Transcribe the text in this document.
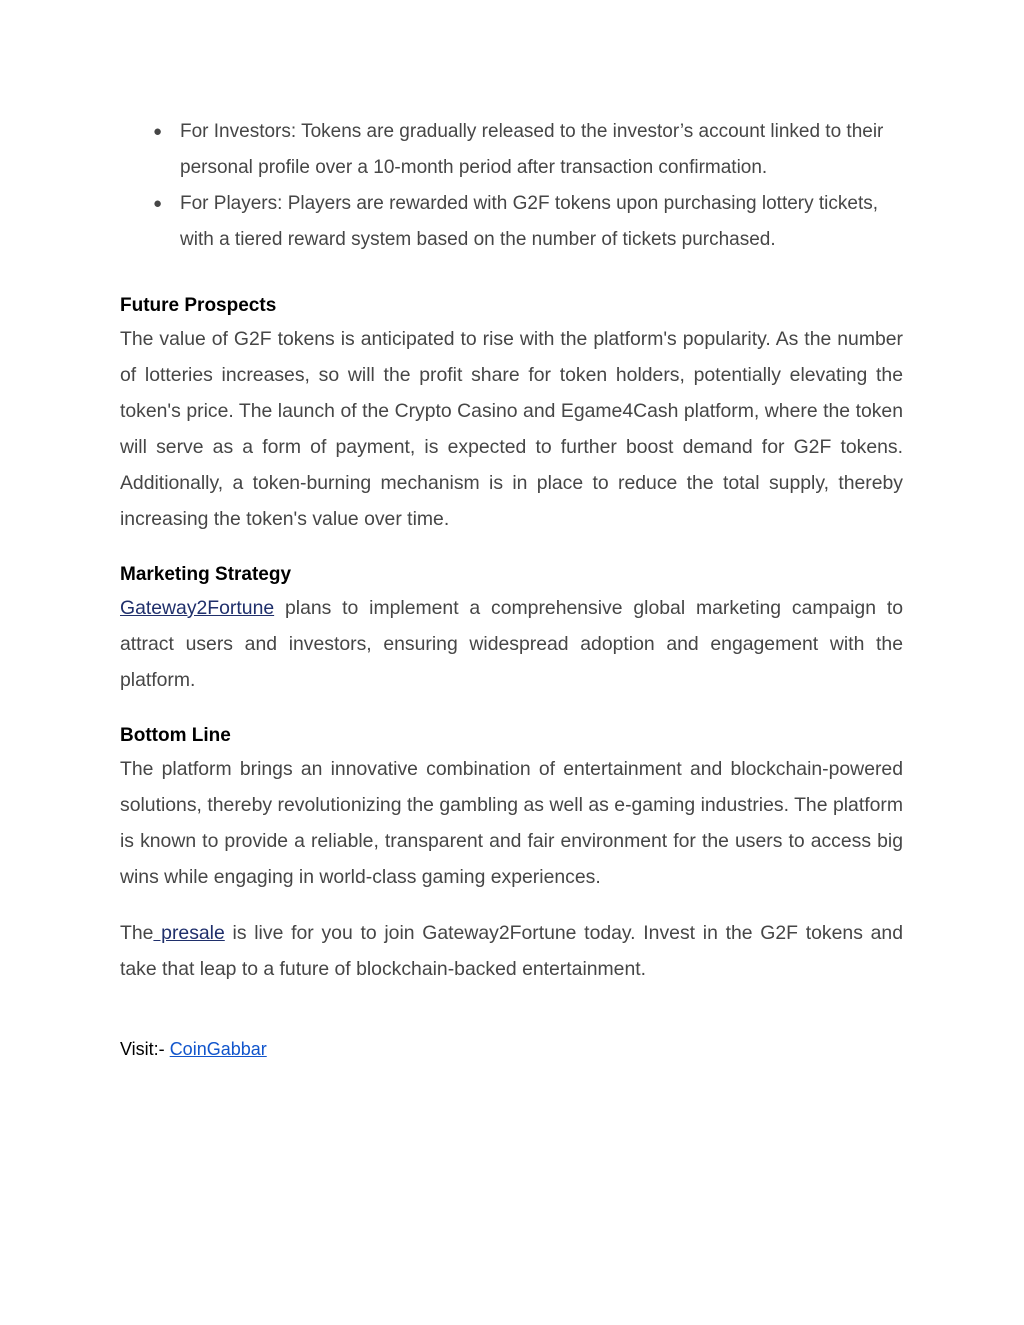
● For Investors: Tokens are gradually released to the investor’s account linked to their personal profile over a 10-month period after transaction confirmation.
● For Players: Players are rewarded with G2F tokens upon purchasing lottery tickets, with a tiered reward system based on the number of tickets purchased.

Future Prospects

The value of G2F tokens is anticipated to rise with the platform's popularity. As the number of lotteries increases, so will the profit share for token holders, potentially elevating the token's price. The launch of the Crypto Casino and Egame4Cash platform, where the token will serve as a form of payment, is expected to further boost demand for G2F tokens. Additionally, a token-burning mechanism is in place to reduce the total supply, thereby increasing the token's value over time.

Marketing Strategy

Gateway2Fortune plans to implement a comprehensive global marketing campaign to attract users and investors, ensuring widespread adoption and engagement with the platform.

Bottom Line

The platform brings an innovative combination of entertainment and blockchain-powered solutions, thereby revolutionizing the gambling as well as e-gaming industries. The platform is known to provide a reliable, transparent and fair environment for the users to access big wins while engaging in world-class gaming experiences.

The presale is live for you to join Gateway2Fortune today. Invest in the G2F tokens and take that leap to a future of blockchain-backed entertainment.

Visit:- CoinGabbar
